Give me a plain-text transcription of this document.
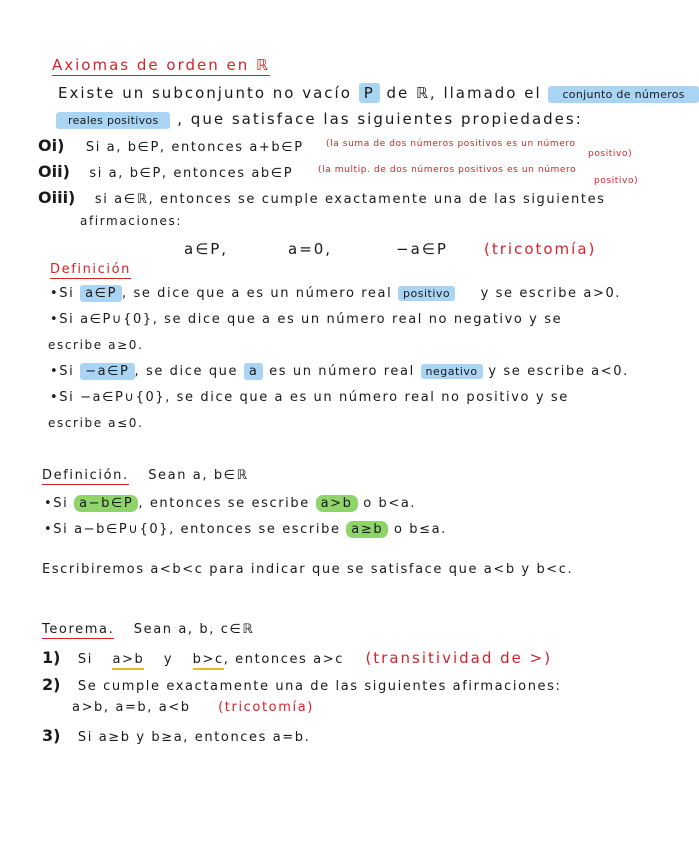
Axiomas de orden en ℝ
Existe un subconjunto no vacío P de ℝ, llamado el conjunto de números
reales positivos , que satisface las siguientes propiedades:
Oi) Si a, b∈P, entonces a+b∈P (la suma de dos números positivos es un número
positivo)
Oii) si a, b∈P, entonces ab∈P	(la multip. de dos números positivos es un número
positivo)
Oiii) si a∈ℝ, entonces se cumple exactamente una de las siguientes
afirmaciones:
a∈P,	a=0,	−a∈P (tricotomía)
Definición
•Si a∈P , se dice que a es un número real positivo y se escribe a>0.
•Si a∈P∪{0}, se dice que a es un número real no negativo y se
escribe a≥0.
•Si −a∈P , se dice que a es un número real negativo y se escribe a<0.
•Si −a∈P∪{0}, se dice que a es un número real no positivo y se
escribe a≤0.
Definición. Sean a, b∈ℝ
•Si a−b∈P , entonces se escribe a>b o b<a.
•Si a−b∈P∪{0}, entonces se escribe a≥b o b≤a.
Escribiremos a<b<c para indicar que se satisface que a<b y b<c.
Teorema. Sean a, b, c∈ℝ
1) Si a>b y b>c, entonces a>c (transitividad de >)
2) Se cumple exactamente una de las siguientes afirmaciones:
a>b, a=b, a<b (tricotomía)
3) Si a≥b y b≥a, entonces a=b.
